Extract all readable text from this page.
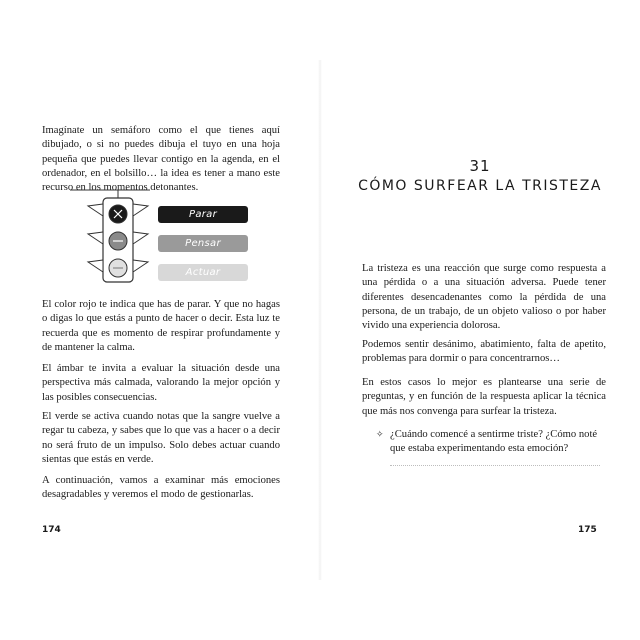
Imagínate un semáforo como el que tienes aquí dibujado, o si no puedes dibuja el tuyo en una hoja pequeña que puedes llevar contigo en la agenda, en el ordenador, en el bolsillo… la idea es tener a mano este recurso en los momentos detonantes.

Parar
Pensar
Actuar

El color rojo te indica que has de parar. Y que no hagas o digas lo que estás a punto de hacer o decir. Esta luz te recuerda que es momento de respirar profundamente y de mantener la calma.

El ámbar te invita a evaluar la situación desde una perspectiva más calmada, valorando la mejor opción y las posibles consecuencias.

El verde se activa cuando notas que la sangre vuelve a regar tu cabeza, y sabes que lo que vas a hacer o a decir no será fruto de un impulso. Solo debes actuar cuando sientas que estás en verde.

A continuación, vamos a examinar más emociones desagradables y veremos el modo de gestionarlas.

174

La tristeza es una reacción que surge como respuesta a una pérdida o a una situación adversa. Puede tener diferentes desencadenantes como la pérdida de una persona, de un trabajo, de un objeto valioso o por haber vivido una experiencia dolorosa.

Podemos sentir desánimo, abatimiento, falta de apetito, problemas para dormir o para concentrarnos…

En estos casos lo mejor es plantearse una serie de preguntas, y en función de la respuesta aplicar la técnica que más nos convenga para surfear la tristeza.

✧ ¿Cuándo comencé a sentirme triste? ¿Cómo noté que estaba experimentando esta emoción?
175
31
CÓMO SURFEAR LA TRISTEZA
